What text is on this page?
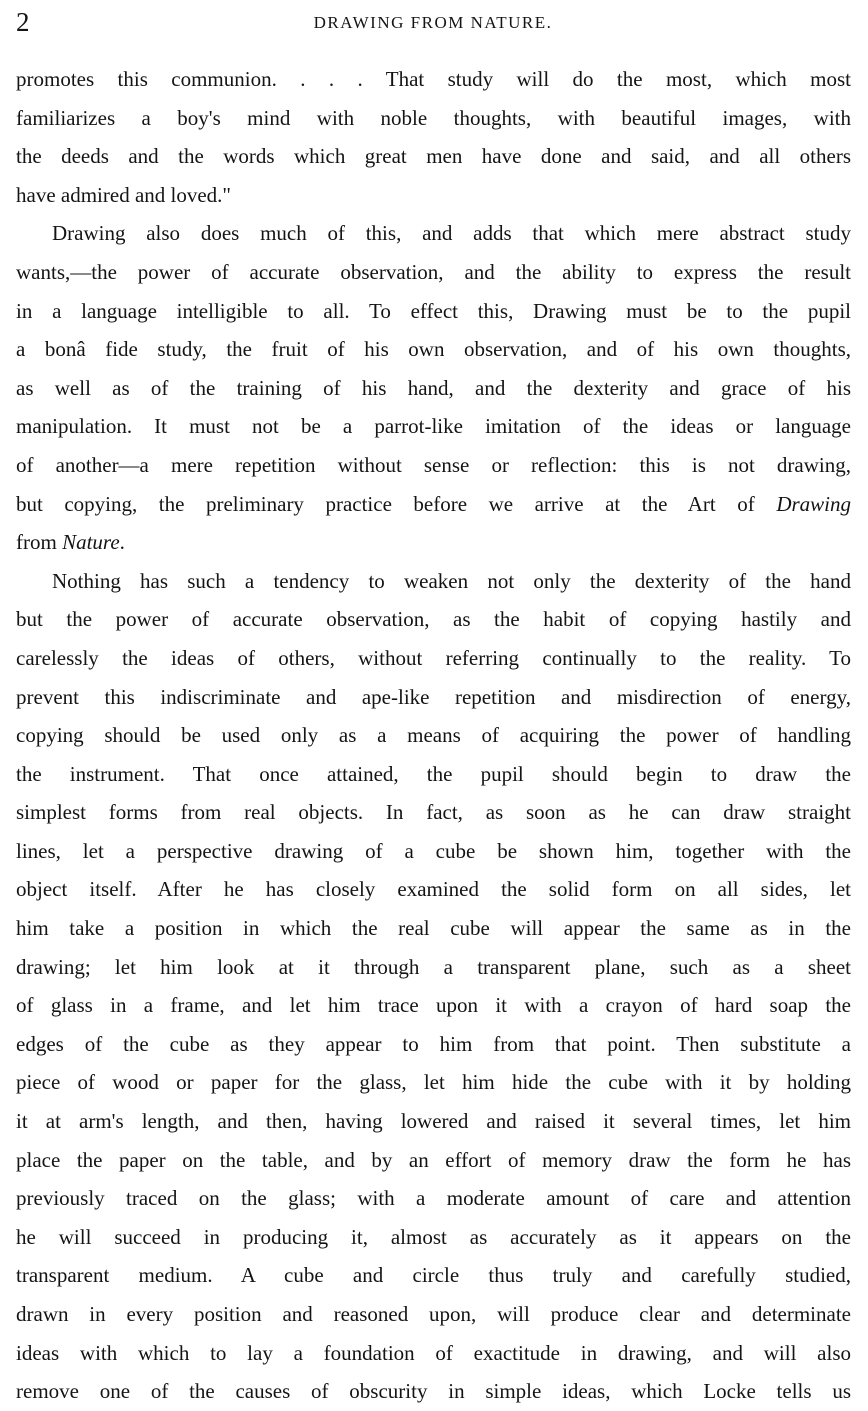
2	DRAWING FROM NATURE.

promotes this communion. . . . That study will do the most, which most
familiarizes a boy's mind with noble thoughts, with beautiful images, with
the deeds and the words which great men have done and said, and all others
have admired and loved."

Drawing also does much of this, and adds that which mere abstract study
wants,—the power of accurate observation, and the ability to express the result
in a language intelligible to all. To effect this, Drawing must be to the pupil
a bonâ fide study, the fruit of his own observation, and of his own thoughts,
as well as of the training of his hand, and the dexterity and grace of his
manipulation. It must not be a parrot-like imitation of the ideas or language
of another—a mere repetition without sense or reflection: this is not drawing,
but copying, the preliminary practice before we arrive at the Art of Drawing
from Nature.

Nothing has such a tendency to weaken not only the dexterity of the hand
but the power of accurate observation, as the habit of copying hastily and
carelessly the ideas of others, without referring continually to the reality. To
prevent this indiscriminate and ape-like repetition and misdirection of energy,
copying should be used only as a means of acquiring the power of handling
the instrument. That once attained, the pupil should begin to draw the
simplest forms from real objects. In fact, as soon as he can draw straight
lines, let a perspective drawing of a cube be shown him, together with the
object itself. After he has closely examined the solid form on all sides, let
him take a position in which the real cube will appear the same as in the
drawing; let him look at it through a transparent plane, such as a sheet
of glass in a frame, and let him trace upon it with a crayon of hard soap the
edges of the cube as they appear to him from that point. Then substitute a
piece of wood or paper for the glass, let him hide the cube with it by holding
it at arm's length, and then, having lowered and raised it several times, let him
place the paper on the table, and by an effort of memory draw the form he has
previously traced on the glass; with a moderate amount of care and attention
he will succeed in producing it, almost as accurately as it appears on the
transparent medium. A cube and circle thus truly and carefully studied,
drawn in every position and reasoned upon, will produce clear and determinate
ideas with which to lay a foundation of exactitude in drawing, and will also
remove one of the causes of obscurity in simple ideas, which Locke tells us
